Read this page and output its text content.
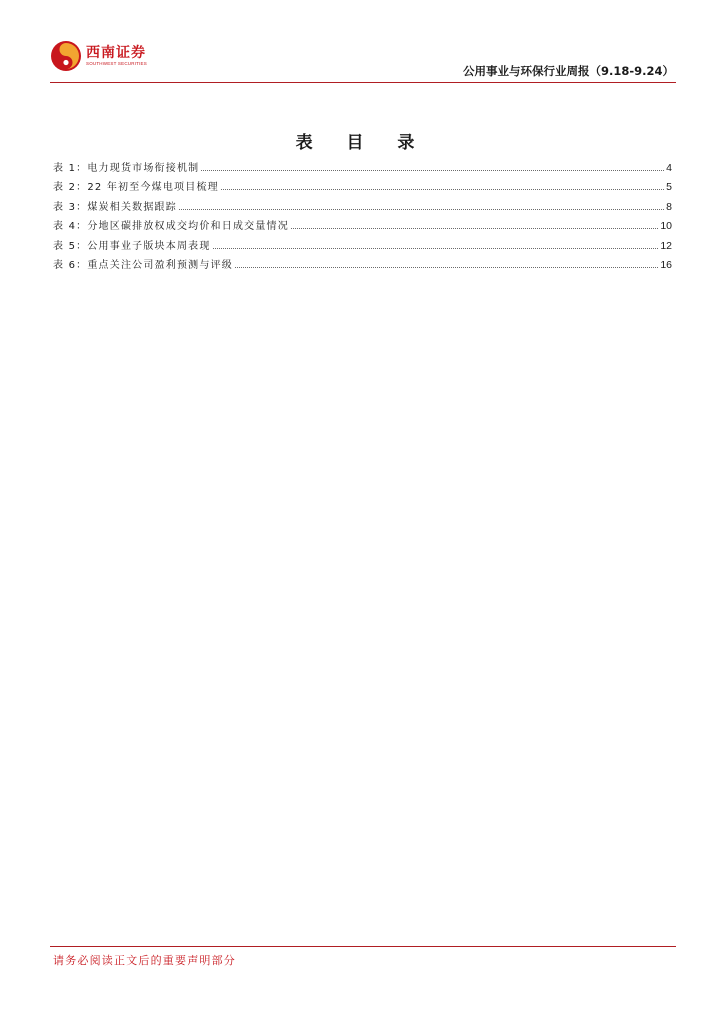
西南证券
SOUTHWEST SECURITIES
公用事业与环保行业周报（9.18-9.24）
表 目 录
表 1：电力现货市场衔接机制	4
表 2：22 年初至今煤电项目梳理	5
表 3：煤炭相关数据跟踪	8
表 4：分地区碳排放权成交均价和日成交量情况	10
表 5：公用事业子版块本周表现	12
表 6：重点关注公司盈利预测与评级	16
请务必阅读正文后的重要声明部分
